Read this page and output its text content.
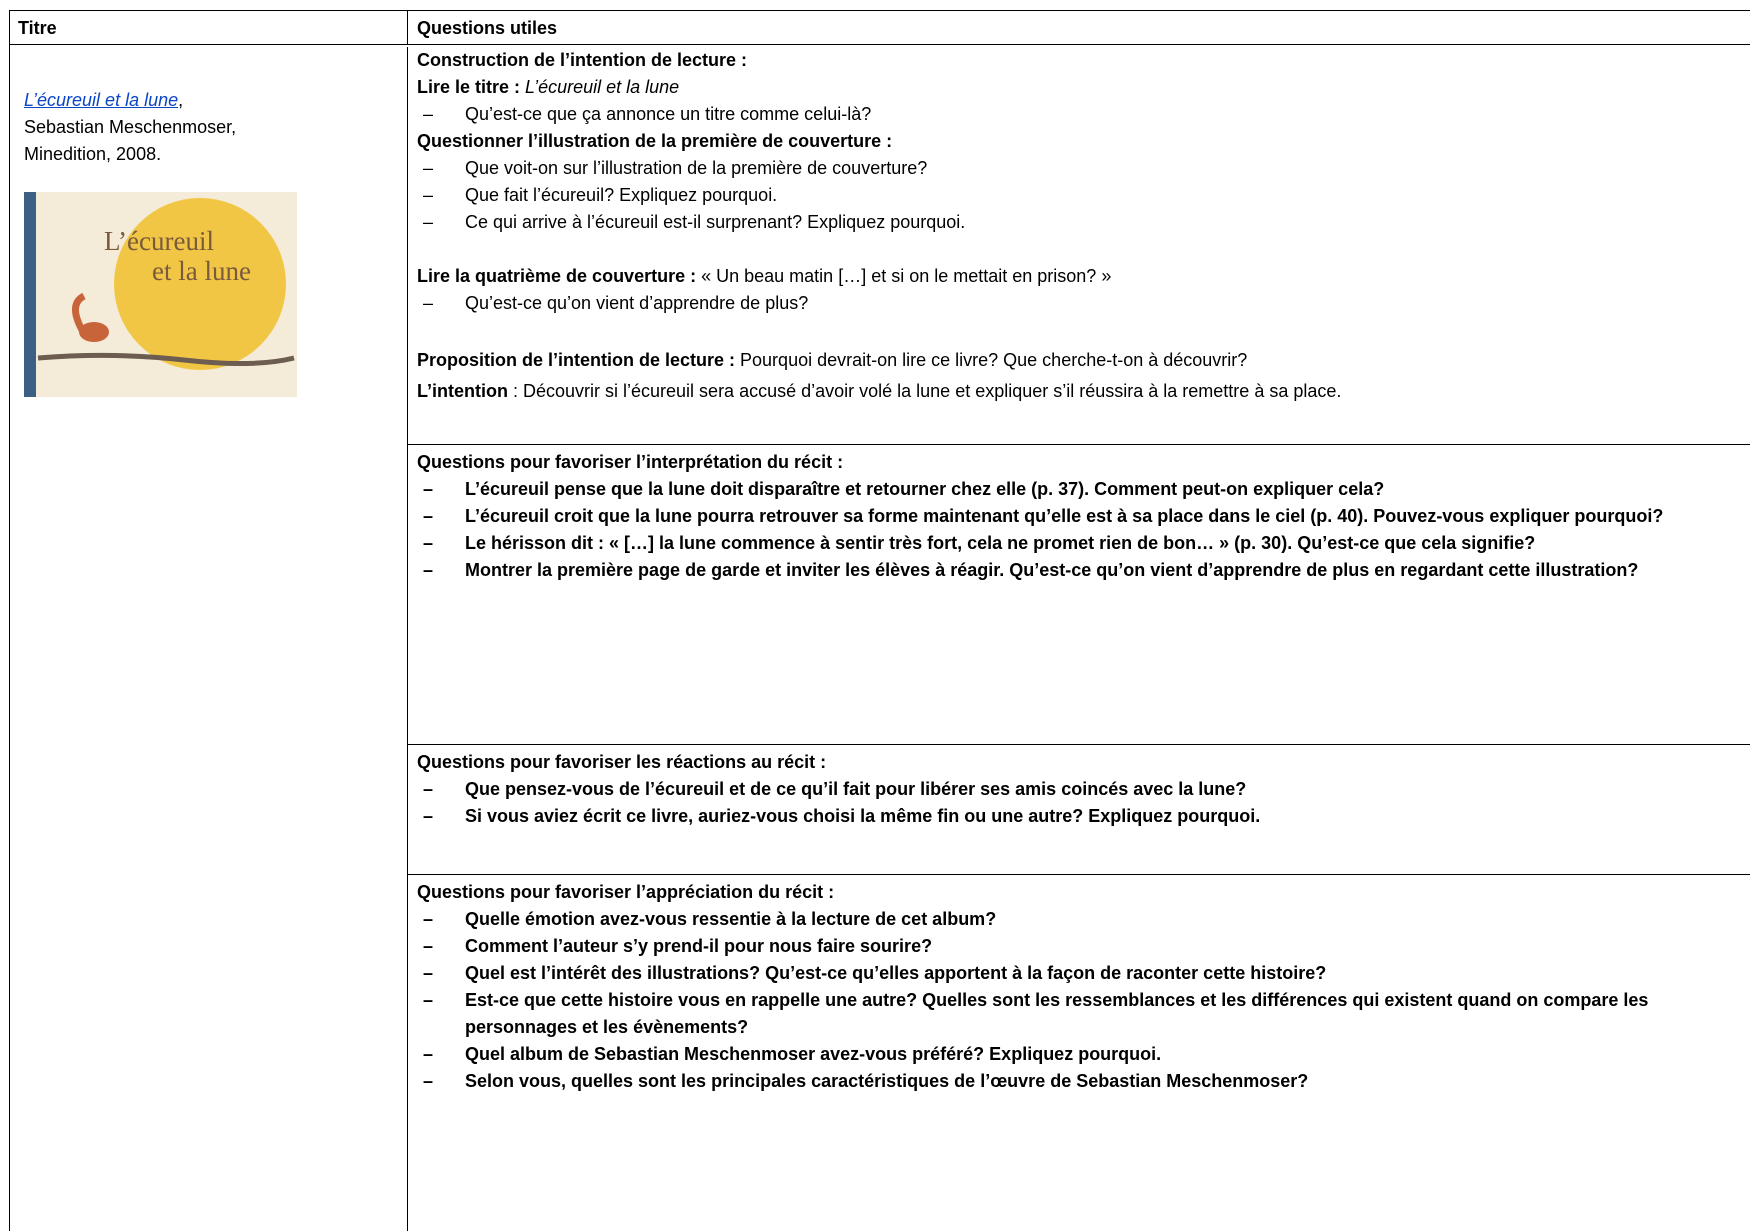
Titre	Questions utiles
L’écureuil et la lune,
Sebastian Meschenmoser,
Minedition, 2008.
L’écureuil
et la lune
Construction de l’intention de lecture :
Lire le titre : L’écureuil et la lune
– Qu’est-ce que ça annonce un titre comme celui-là?
Questionner l’illustration de la première de couverture :
– Que voit-on sur l’illustration de la première de couverture?
– Que fait l’écureuil? Expliquez pourquoi.
– Ce qui arrive à l’écureuil est-il surprenant? Expliquez pourquoi.
Lire la quatrième de couverture : « Un beau matin […] et si on le mettait en prison? »
– Qu’est-ce qu’on vient d’apprendre de plus?
Proposition de l’intention de lecture : Pourquoi devrait-on lire ce livre? Que cherche-t-on à découvrir?
L’intention : Découvrir si l’écureuil sera accusé d’avoir volé la lune et expliquer s’il réussira à la remettre à sa place.
Questions pour favoriser l’interprétation du récit :
– L’écureuil pense que la lune doit disparaître et retourner chez elle (p. 37). Comment peut-on expliquer cela?
– L’écureuil croit que la lune pourra retrouver sa forme maintenant qu’elle est à sa place dans le ciel (p. 40). Pouvez-vous expliquer pourquoi?
– Le hérisson dit : « […] la lune commence à sentir très fort, cela ne promet rien de bon… » (p. 30). Qu’est-ce que cela signifie?
– Montrer la première page de garde et inviter les élèves à réagir. Qu’est-ce qu’on vient d’apprendre de plus en regardant cette illustration?
Questions pour favoriser les réactions au récit :
– Que pensez-vous de l’écureuil et de ce qu’il fait pour libérer ses amis coincés avec la lune?
– Si vous aviez écrit ce livre, auriez-vous choisi la même fin ou une autre? Expliquez pourquoi.
Questions pour favoriser l’appréciation du récit :
– Quelle émotion avez-vous ressentie à la lecture de cet album?
– Comment l’auteur s’y prend-il pour nous faire sourire?
– Quel est l’intérêt des illustrations? Qu’est-ce qu’elles apportent à la façon de raconter cette histoire?
– Est-ce que cette histoire vous en rappelle une autre? Quelles sont les ressemblances et les différences qui existent quand on compare les personnages et les évènements?
– Quel album de Sebastian Meschenmoser avez-vous préféré? Expliquez pourquoi.
– Selon vous, quelles sont les principales caractéristiques de l’œuvre de Sebastian Meschenmoser?
